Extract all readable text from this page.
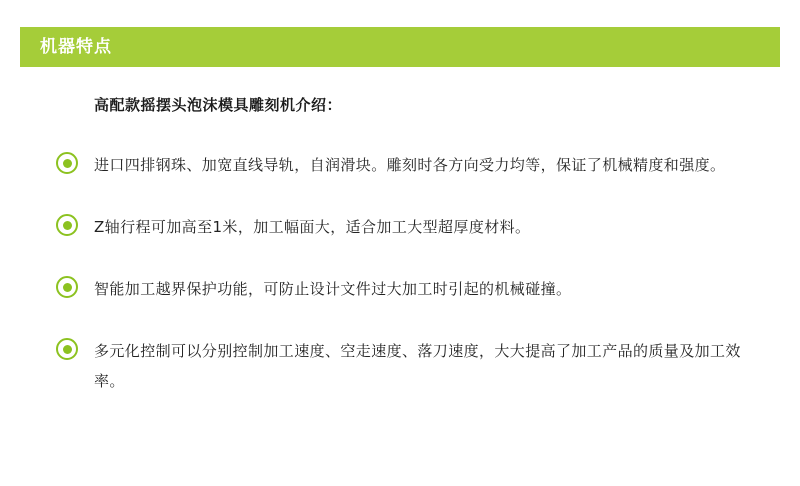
机器特点

高配款摇摆头泡沫模具雕刻机介绍：

进口四排钢珠、加宽直线导轨，自润滑块。雕刻时各方向受力均等，保证了机械精度和强度。
Z轴行程可加高至1米，加工幅面大，适合加工大型超厚度材料。
智能加工越界保护功能，可防止设计文件过大加工时引起的机械碰撞。
多元化控制可以分别控制加工速度、空走速度、落刀速度，大大提高了加工产品的质量及加工效率。
